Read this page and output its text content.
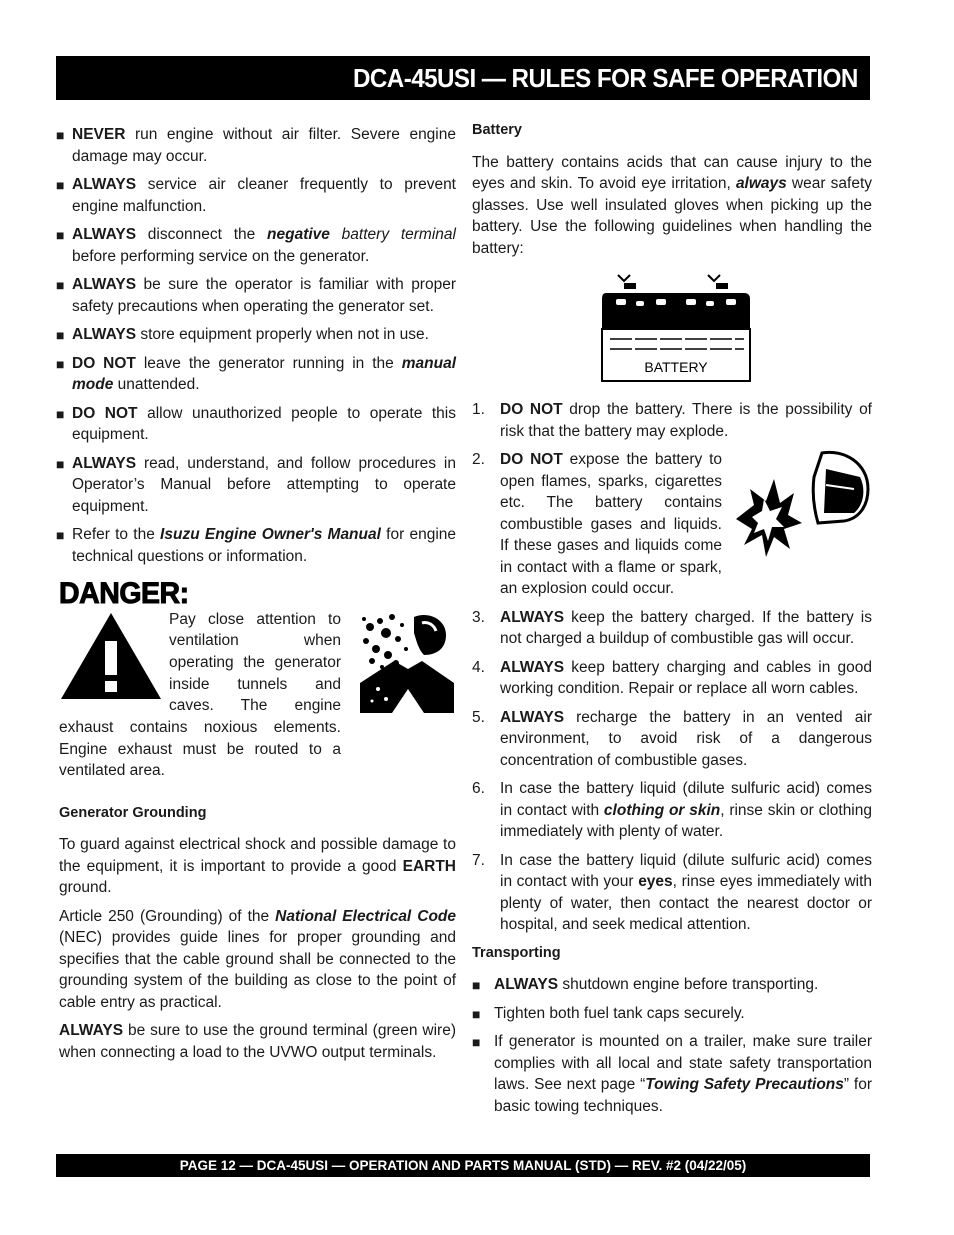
DCA-45USI — RULES FOR SAFE OPERATION
■ NEVER run engine without air filter. Severe engine damage may occur.
■ ALWAYS service air cleaner frequently to prevent engine malfunction.
■ ALWAYS disconnect the negative battery terminal before performing service on the generator.
■ ALWAYS be sure the operator is familiar with proper safety precautions when operating the generator set.
■ ALWAYS store equipment properly when not in use.
■ DO NOT leave the generator running in the manual mode unattended.
■ DO NOT allow unauthorized people to operate this equipment.
■ ALWAYS read, understand, and follow procedures in Operator’s Manual before attempting to operate equipment.
■ Refer to the Isuzu Engine Owner's Manual for engine technical questions or information.
DANGER:
Pay close attention to ventilation when operating the generator inside tunnels and caves. The engine exhaust contains noxious elements. Engine exhaust must be routed to a ventilated area.
Generator Grounding

To guard against electrical shock and possible damage to the equipment, it is important to provide a good EARTH ground.

Article 250 (Grounding) of the National Electrical Code (NEC) provides guide lines for proper grounding and specifies that the cable ground shall be connected to the grounding system of the building as close to the point of cable entry as practical.

ALWAYS be sure to use the ground terminal (green wire) when connecting a load to the UVWO output terminals.

Battery

The battery contains acids that can cause injury to the eyes and skin. To avoid eye irritation, always wear safety glasses. Use well insulated gloves when picking up the battery. Use the following guidelines when handling the battery:

BATTERY
1. DO NOT drop the battery. There is the possibility of risk that the battery may explode.
2. DO NOT expose the battery to open flames, sparks, cigarettes etc. The battery contains combustible gases and liquids. If these gases and liquids come in contact with a flame or spark, an explosion could occur.
3. ALWAYS keep the battery charged. If the battery is not charged a buildup of combustible gas will occur.
4. ALWAYS keep battery charging and cables in good working condition. Repair or replace all worn cables.
5. ALWAYS recharge the battery in an vented air environment, to avoid risk of a dangerous concentration of combustible gases.
6. In case the battery liquid (dilute sulfuric acid) comes in contact with clothing or skin, rinse skin or clothing immediately with plenty of water.
7. In case the battery liquid (dilute sulfuric acid) comes in contact with your eyes, rinse eyes immediately with plenty of water, then contact the nearest doctor or hospital, and seek medical attention.
Transporting
■ ALWAYS shutdown engine before transporting.
■ Tighten both fuel tank caps securely.
■ If generator is mounted on a trailer, make sure trailer complies with all local and state safety transportation laws. See next page “Towing Safety Precautions” for basic towing techniques.
PAGE 12 — DCA-45USI — OPERATION AND PARTS MANUAL (STD) — REV. #2 (04/22/05)
